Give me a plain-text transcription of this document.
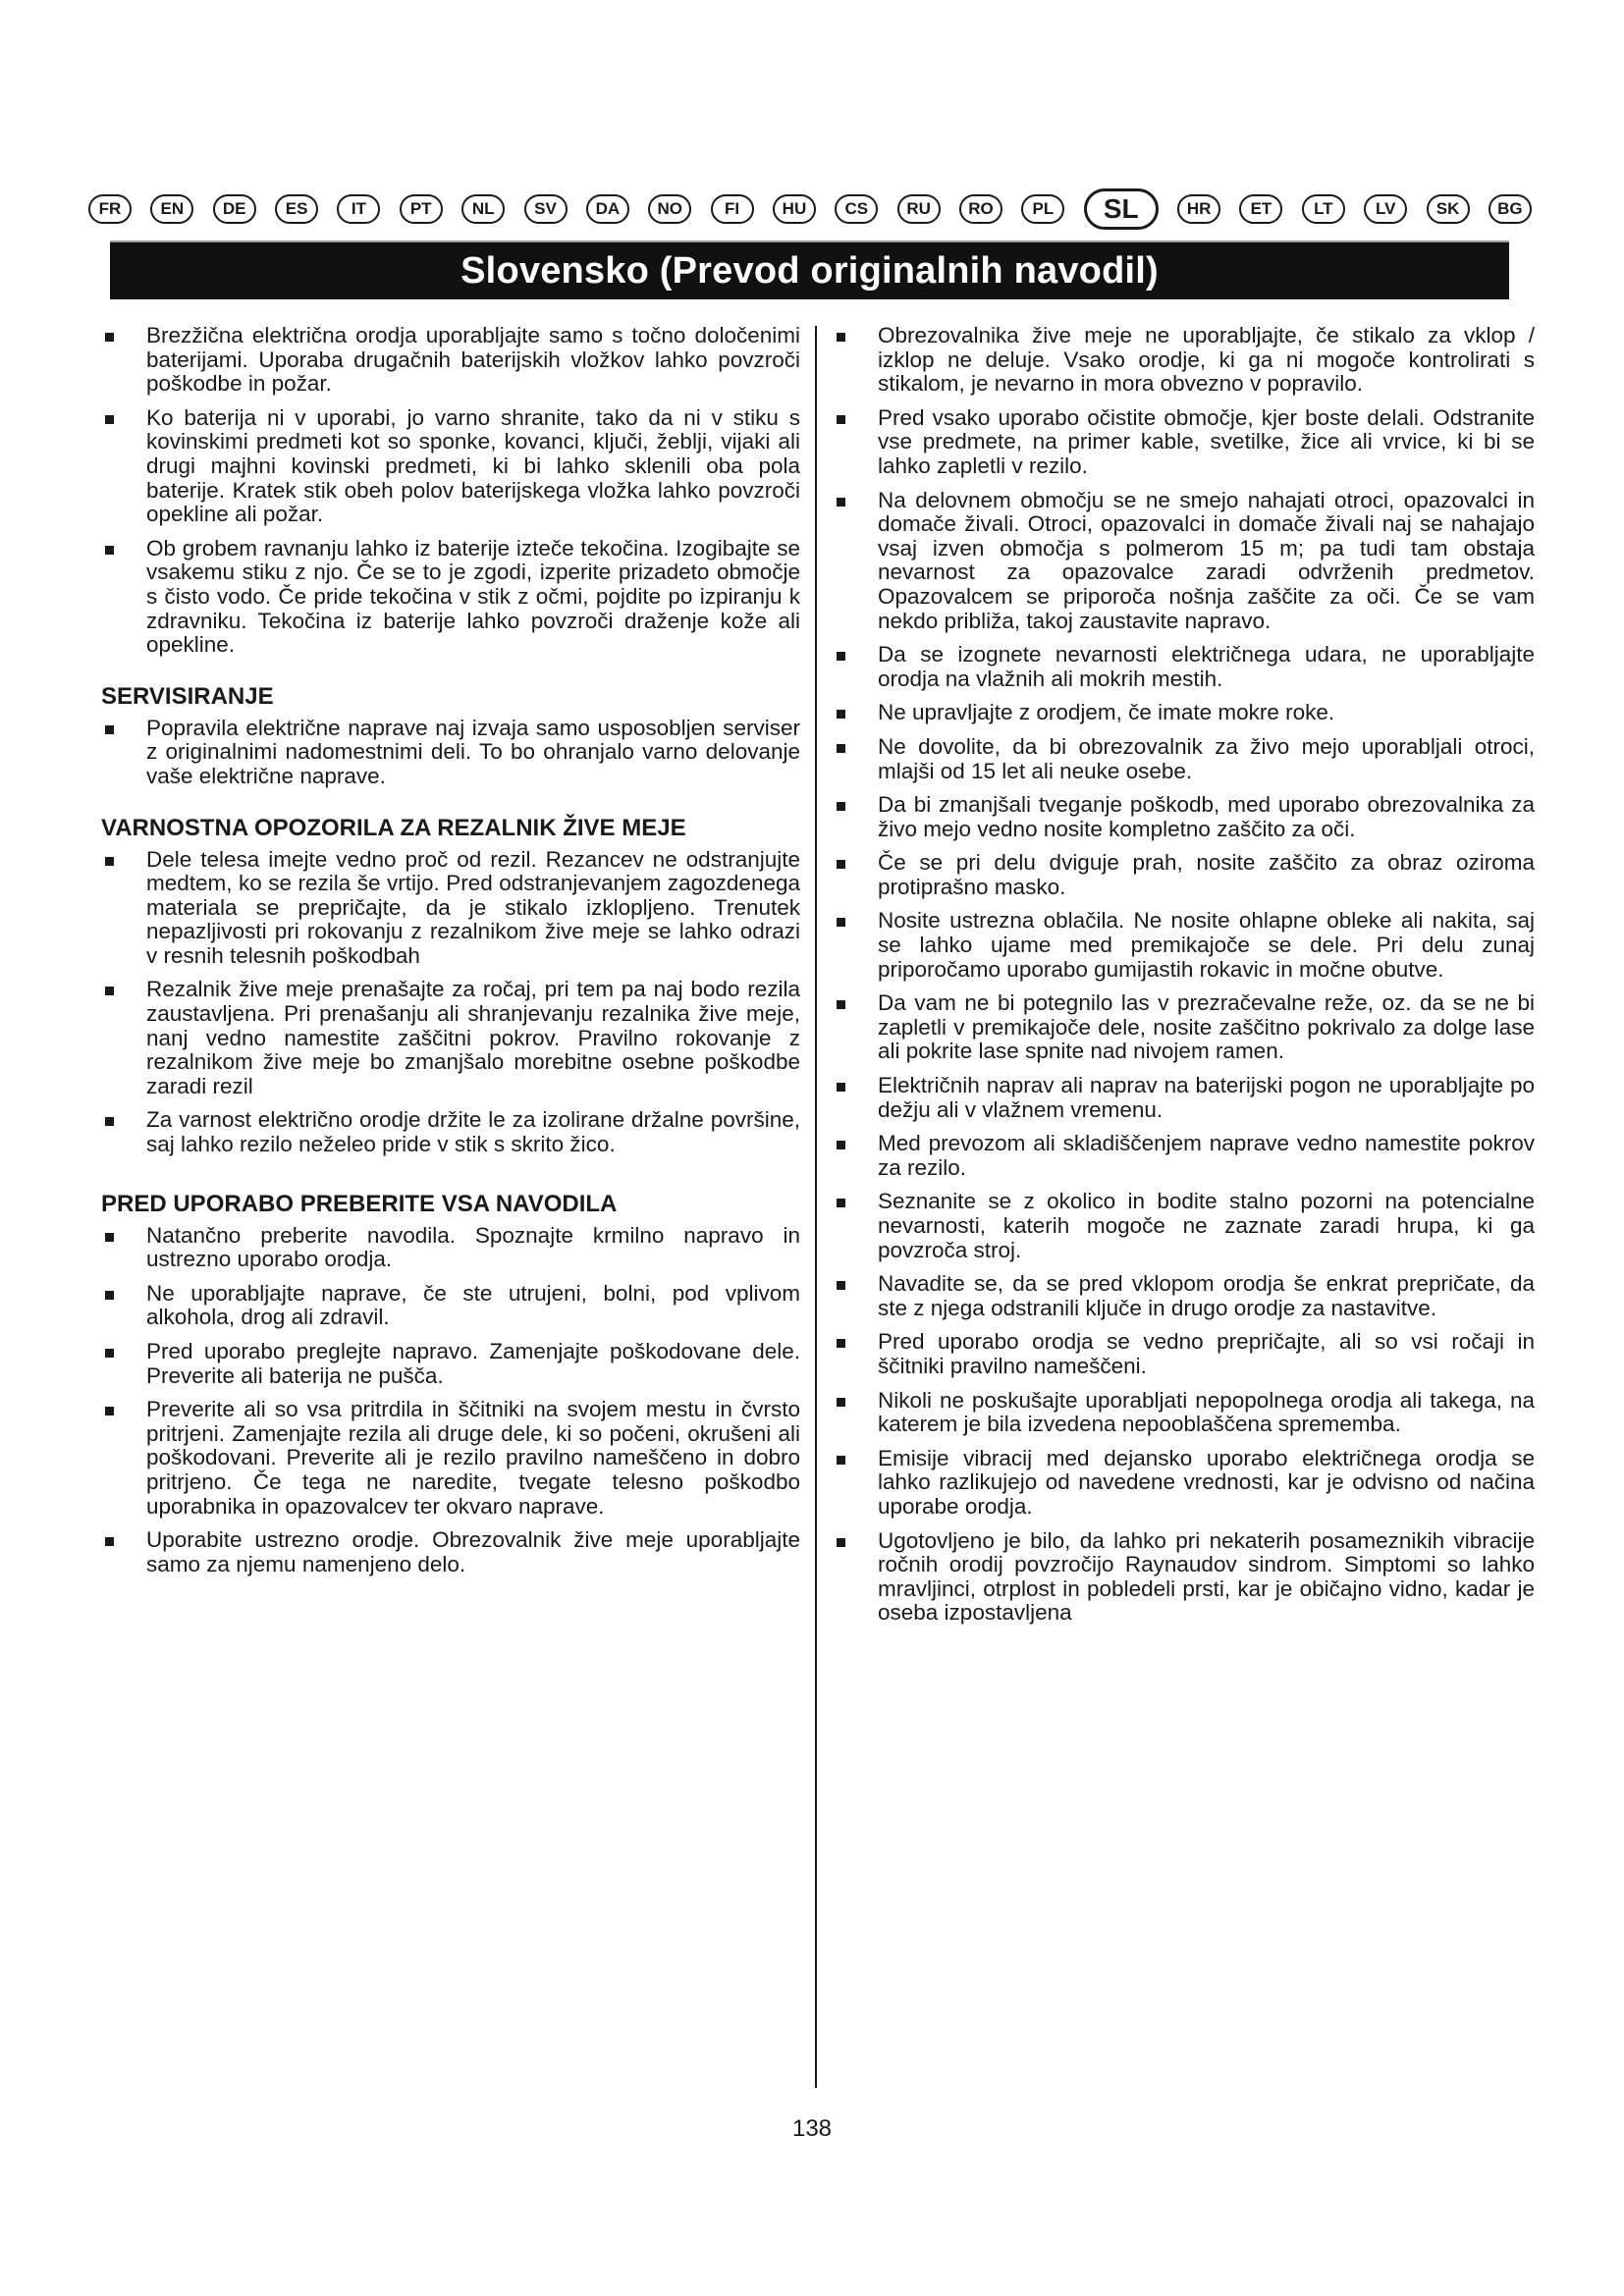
FR	EN	DE	ES	IT	PT	NL	SV	DA	NO	FI	HU	CS	RU	RO	PL	SL	HR	ET	LT	LV	SK	BG
Slovensko (Prevod originalnih navodil)
Brezžična električna orodja uporabljajte samo s točno določenimi baterijami. Uporaba drugačnih baterijskih vložkov lahko povzroči poškodbe in požar.
Ko baterija ni v uporabi, jo varno shranite, tako da ni v stiku s kovinskimi predmeti kot so sponke, kovanci, ključi, žeblji, vijaki ali drugi majhni kovinski predmeti, ki bi lahko sklenili oba pola baterije. Kratek stik obeh polov baterijskega vložka lahko povzroči opekline ali požar.
Ob grobem ravnanju lahko iz baterije izteče tekočina. Izogibajte se vsakemu stiku z njo. Če se to je zgodi, izperite prizadeto območje s čisto vodo. Če pride tekočina v stik z očmi, pojdite po izpiranju k zdravniku. Tekočina iz baterije lahko povzroči draženje kože ali opekline.
SERVISIRANJE
Popravila električne naprave naj izvaja samo usposobljen serviser z originalnimi nadomestnimi deli. To bo ohranjalo varno delovanje vaše električne naprave.
VARNOSTNA OPOZORILA ZA REZALNIK ŽIVE MEJE
Dele telesa imejte vedno proč od rezil. Rezancev ne odstranjujte medtem, ko se rezila še vrtijo. Pred odstranjevanjem zagozdenega materiala se prepričajte, da je stikalo izklopljeno. Trenutek nepazljivosti pri rokovanju z rezalnikom žive meje se lahko odrazi v resnih telesnih poškodbah
Rezalnik žive meje prenašajte za ročaj, pri tem pa naj bodo rezila zaustavljena. Pri prenašanju ali shranjevanju rezalnika žive meje, nanj vedno namestite zaščitni pokrov. Pravilno rokovanje z rezalnikom žive meje bo zmanjšalo morebitne osebne poškodbe zaradi rezil
Za varnost električno orodje držite le za izolirane držalne površine, saj lahko rezilo neželeo pride v stik s skrito žico.
PRED UPORABO PREBERITE VSA NAVODILA
Natančno preberite navodila. Spoznajte krmilno napravo in ustrezno uporabo orodja.
Ne uporabljajte naprave, če ste utrujeni, bolni, pod vplivom alkohola, drog ali zdravil.
Pred uporabo preglejte napravo. Zamenjajte poškodovane dele. Preverite ali baterija ne pušča.
Preverite ali so vsa pritrdila in ščitniki na svojem mestu in čvrsto pritrjeni. Zamenjajte rezila ali druge dele, ki so počeni, okrušeni ali poškodovani. Preverite ali je rezilo pravilno nameščeno in dobro pritrjeno. Če tega ne naredite, tvegate telesno poškodbo uporabnika in opazovalcev ter okvaro naprave.
Uporabite ustrezno orodje. Obrezovalnik žive meje uporabljajte samo za njemu namenjeno delo.
Obrezovalnika žive meje ne uporabljajte, če stikalo za vklop / izklop ne deluje. Vsako orodje, ki ga ni mogoče kontrolirati s stikalom, je nevarno in mora obvezno v popravilo.
Pred vsako uporabo očistite območje, kjer boste delali. Odstranite vse predmete, na primer kable, svetilke, žice ali vrvice, ki bi se lahko zapletli v rezilo.
Na delovnem območju se ne smejo nahajati otroci, opazovalci in domače živali. Otroci, opazovalci in domače živali naj se nahajajo vsaj izven območja s polmerom 15 m; pa tudi tam obstaja nevarnost za opazovalce zaradi odvrženih predmetov. Opazovalcem se priporoča nošnja zaščite za oči. Če se vam nekdo približa, takoj zaustavite napravo.
Da se izognete nevarnosti električnega udara, ne uporabljajte orodja na vlažnih ali mokrih mestih.
Ne upravljajte z orodjem, če imate mokre roke.
Ne dovolite, da bi obrezovalnik za živo mejo uporabljali otroci, mlajši od 15 let ali neuke osebe.
Da bi zmanjšali tveganje poškodb, med uporabo obrezovalnika za živo mejo vedno nosite kompletno zaščito za oči.
Če se pri delu dviguje prah, nosite zaščito za obraz oziroma protiprašno masko.
Nosite ustrezna oblačila. Ne nosite ohlapne obleke ali nakita, saj se lahko ujame med premikajoče se dele. Pri delu zunaj priporočamo uporabo gumijastih rokavic in močne obutve.
Da vam ne bi potegnilo las v prezračevalne reže, oz. da se ne bi zapletli v premikajoče dele, nosite zaščitno pokrivalo za dolge lase ali pokrite lase spnite nad nivojem ramen.
Električnih naprav ali naprav na baterijski pogon ne uporabljajte po dežju ali v vlažnem vremenu.
Med prevozom ali skladiščenjem naprave vedno namestite pokrov za rezilo.
Seznanite se z okolico in bodite stalno pozorni na potencialne nevarnosti, katerih mogoče ne zaznate zaradi hrupa, ki ga povzroča stroj.
Navadite se, da se pred vklopom orodja še enkrat prepričate, da ste z njega odstranili ključe in drugo orodje za nastavitve.
Pred uporabo orodja se vedno prepričajte, ali so vsi ročaji in ščitniki pravilno nameščeni.
Nikoli ne poskušajte uporabljati nepopolnega orodja ali takega, na katerem je bila izvedena nepooblaščena sprememba.
Emisije vibracij med dejansko uporabo električnega orodja se lahko razlikujejo od navedene vrednosti, kar je odvisno od načina uporabe orodja.
Ugotovljeno je bilo, da lahko pri nekaterih posameznikih vibracije ročnih orodij povzročijo Raynaudov sindrom. Simptomi so lahko mravljinci, otrplost in pobledeli prsti, kar je običajno vidno, kadar je oseba izpostavljena
138
